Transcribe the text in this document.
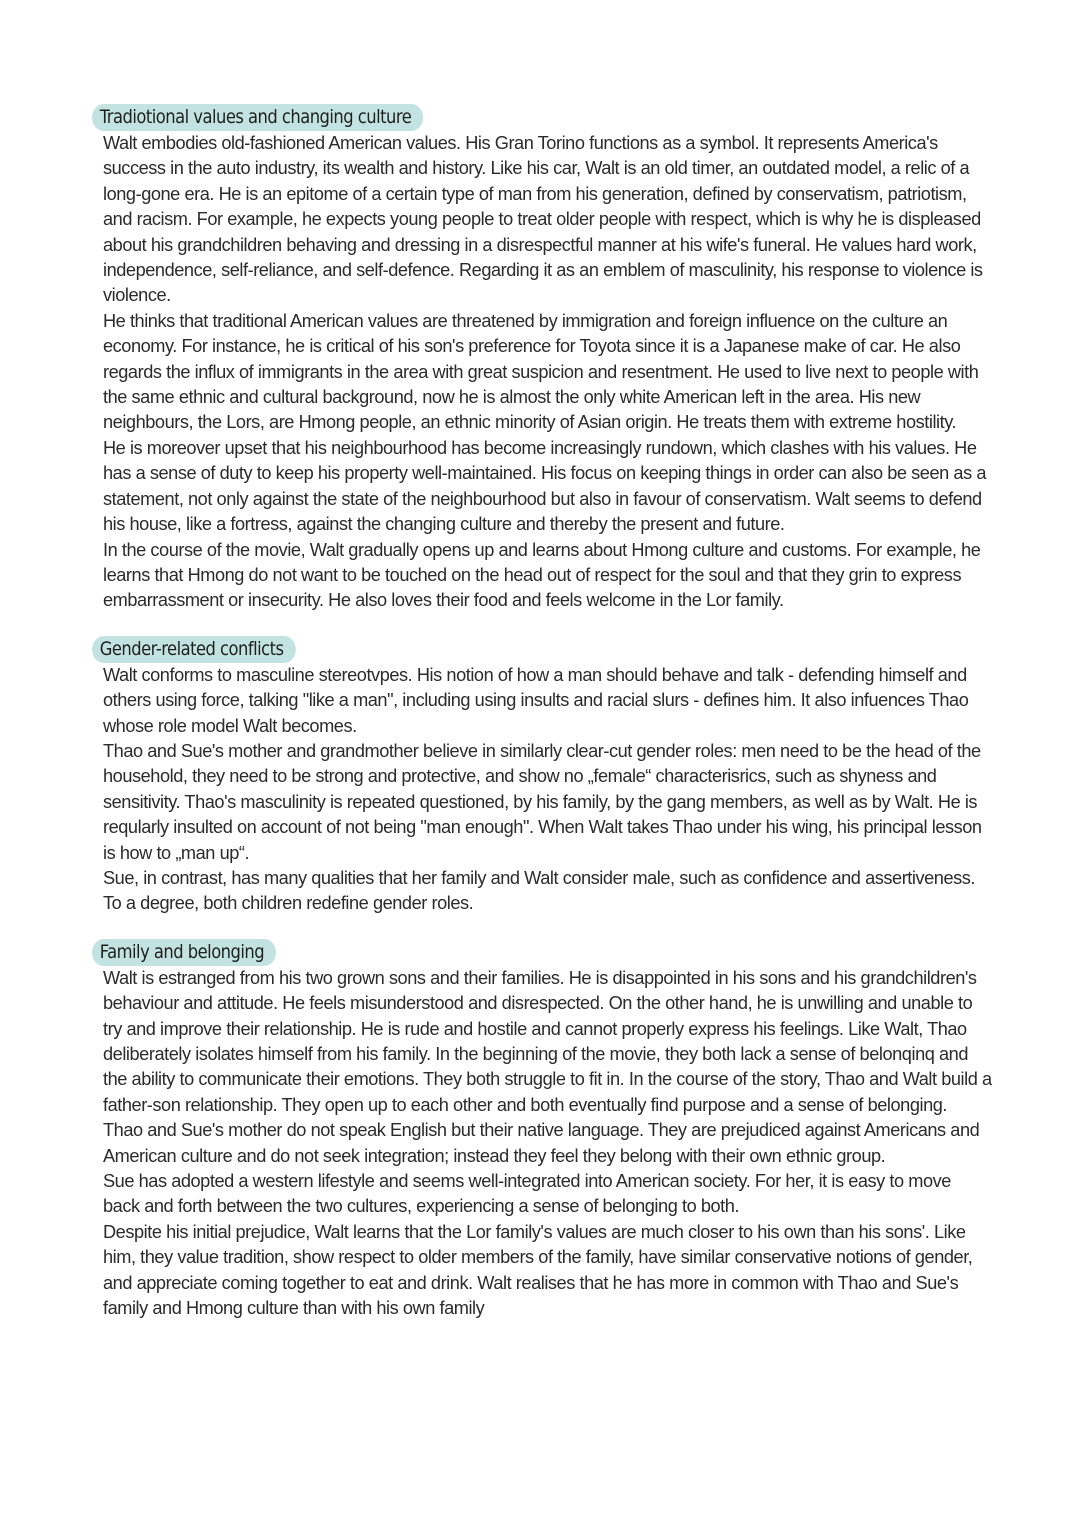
Tradiotional values and changing culture

Walt embodies old-fashioned American values. His Gran Torino functions as a symbol. It represents America's success in the auto industry, its wealth and history. Like his car, Walt is an old timer, an outdated model, a relic of a long-gone era. He is an epitome of a certain type of man from his generation, defined by conservatism, patriotism, and racism. For example, he expects young people to treat older people with respect, which is why he is displeased about his grandchildren behaving and dressing in a disrespectful manner at his wife's funeral. He values hard work, independence, self-reliance, and self-defence. Regarding it as an emblem of masculinity, his response to violence is violence.

He thinks that traditional American values are threatened by immigration and foreign influence on the culture an economy. For instance, he is critical of his son's preference for Toyota since it is a Japanese make of car. He also regards the influx of immigrants in the area with great suspicion and resentment. He used to live next to people with the same ethnic and cultural background, now he is almost the only white American left in the area. His new neighbours, the Lors, are Hmong people, an ethnic minority of Asian origin. He treats them with extreme hostility.

He is moreover upset that his neighbourhood has become increasingly rundown, which clashes with his values. He has a sense of duty to keep his property well-maintained. His focus on keeping things in order can also be seen as a statement, not only against the state of the neighbourhood but also in favour of conservatism. Walt seems to defend his house, like a fortress, against the changing culture and thereby the present and future.

In the course of the movie, Walt gradually opens up and learns about Hmong culture and customs. For example, he learns that Hmong do not want to be touched on the head out of respect for the soul and that they grin to express embarrassment or insecurity. He also loves their food and feels welcome in the Lor family.

Gender-related conflicts

Walt conforms to masculine stereotvpes. His notion of how a man should behave and talk - defending himself and others using force, talking "like a man", including using insults and racial slurs - defines him. It also infuences Thao whose role model Walt becomes.

Thao and Sue's mother and grandmother believe in similarly clear-cut gender roles: men need to be the head of the household, they need to be strong and protective, and show no „female“ characterisrics, such as shyness and sensitivity. Thao's masculinity is repeated questioned, by his family, by the gang members, as well as by Walt. He is reqularly insulted on account of not being "man enough". When Walt takes Thao under his wing, his principal lesson is how to „man up“.

Sue, in contrast, has many qualities that her family and Walt consider male, such as confidence and assertiveness. To a degree, both children redefine gender roles.

Family and belonging

Walt is estranged from his two grown sons and their families. He is disappointed in his sons and his grandchildren's behaviour and attitude. He feels misunderstood and disrespected. On the other hand, he is unwilling and unable to try and improve their relationship. He is rude and hostile and cannot properly express his feelings. Like Walt, Thao deliberately isolates himself from his family. In the beginning of the movie, they both lack a sense of belonqinq and the ability to communicate their emotions. They both struggle to fit in. In the course of the story, Thao and Walt build a father-son relationship. They open up to each other and both eventually find purpose and a sense of belonging.

Thao and Sue's mother do not speak English but their native language. They are prejudiced against Americans and American culture and do not seek integration; instead they feel they belong with their own ethnic group.

Sue has adopted a western lifestyle and seems well-integrated into American society. For her, it is easy to move back and forth between the two cultures, experiencing a sense of belonging to both.

Despite his initial prejudice, Walt learns that the Lor family's values are much closer to his own than his sons'. Like him, they value tradition, show respect to older members of the family, have similar conservative notions of gender, and appreciate coming together to eat and drink. Walt realises that he has more in common with Thao and Sue's family and Hmong culture than with his own family
